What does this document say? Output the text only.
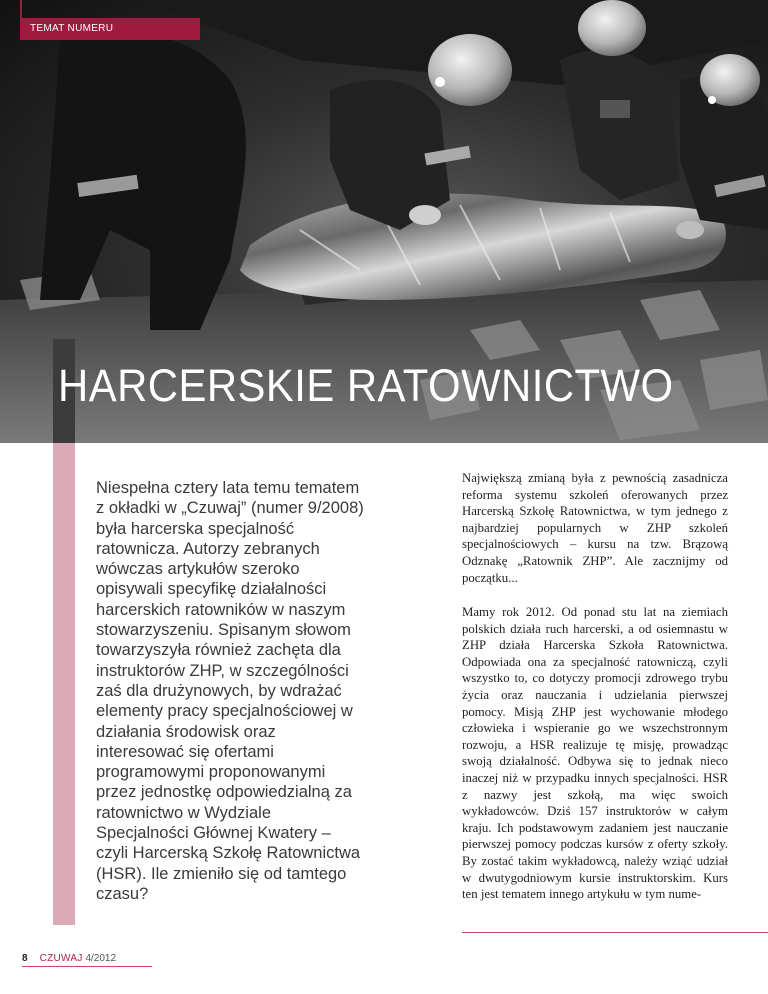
TEMAT NUMERU
HARCERSKIE RATOWNICTWO

Niespełna cztery lata temu tematem z okładki w „Czuwaj” (numer 9/2008) była harcerska specjalność ratownicza. Autorzy zebranych wówczas artykułów szeroko opisywali specyfikę działalności harcerskich ratowników w naszym stowarzyszeniu. Spisanym słowom towarzyszyła również zachęta dla instruktorów ZHP, w szczególności zaś dla drużynowych, by wdrażać elementy pracy specjalnościowej w działania środowisk oraz interesować się ofertami programowymi proponowanymi przez jednostkę odpowiedzialną za ratownictwo w Wydziale Specjalności Głównej Kwatery – czyli Harcerską Szkołę Ratownictwa (HSR). Ile zmieniło się od tamtego czasu?

Największą zmianą była z pewnością zasadnicza reforma systemu szkoleń oferowanych przez Harcerską Szkołę Ratownictwa, w tym jednego z najbardziej popularnych w ZHP szkoleń specjalnościowych – kursu na tzw. Brązową Odznakę „Ratownik ZHP”. Ale zacznijmy od początku...

Mamy rok 2012. Od ponad stu lat na ziemiach polskich działa ruch harcerski, a od osiemnastu w ZHP działa Harcerska Szkoła Ratownictwa. Odpowiada ona za specjalność ratowniczą, czyli wszystko to, co dotyczy promocji zdrowego trybu życia oraz nauczania i udzielania pierwszej pomocy. Misją ZHP jest wychowanie młodego człowieka i wspieranie go we wszechstronnym rozwoju, a HSR realizuje tę misję, prowadząc swoją działalność. Odbywa się to jednak nieco inaczej niż w przypadku innych specjalności. HSR z nazwy jest szkołą, ma więc swoich wykładowców. Dziś 157 instruktorów w całym kraju. Ich podstawowym zadaniem jest nauczanie pierwszej pomocy podczas kursów z oferty szkoły. By zostać takim wykładowcą, należy wziąć udział w dwutygodniowym kursie instruktorskim. Kurs ten jest tematem innego artykułu w tym nume-

8 CZUWAJ 4/2012
